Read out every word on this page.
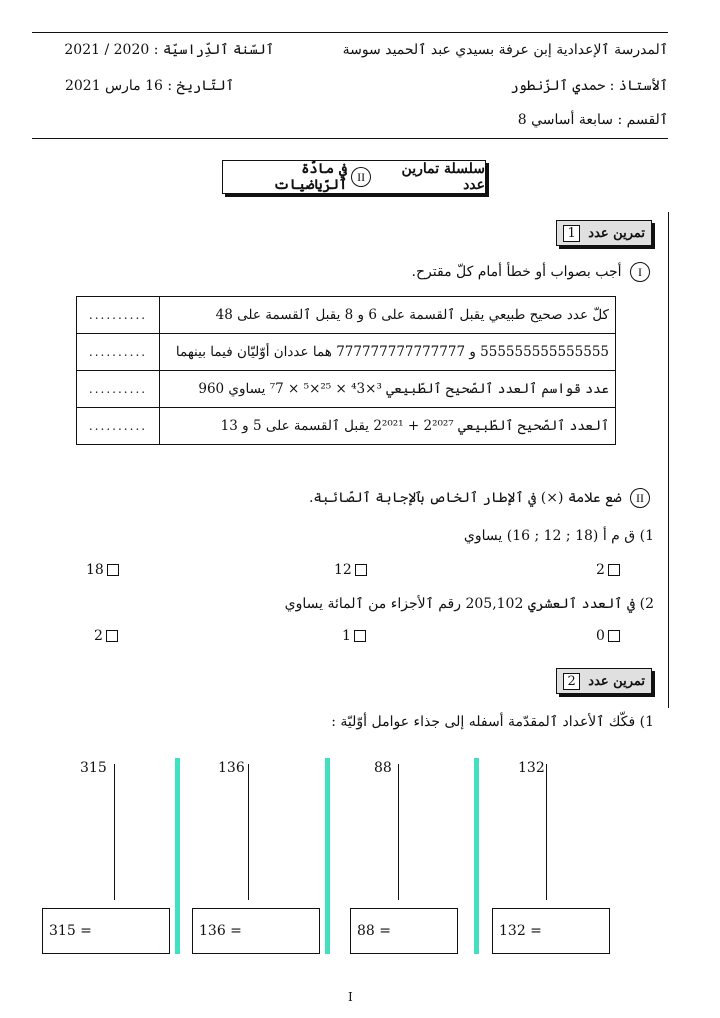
ٱلمدرسة ٱلإعدادية إبن عرفة بسيدي عبد ٱلحميد سوسة
ٱلسّنة ٱلدِّراسيّة : 2020 / 2021
ٱلأستاذ : حمدي ٱلزّنطور
ٱلتّاريخ : 16 مارس 2021
ٱلقسم : سابعة أساسي 8
سلسلة تمارين عدد
II
في مادّة ٱلرّياضيات
تمرين عدد

1
I أجب بصواب أو خطأ أمام كلّ مقترح.
..........	كلّ عدد صحيح طبيعي يقبل ٱلقسمة على 6 و 8 يقبل ٱلقسمة على 48
..........	555555555555555 و 777777777777777 هما عددان أوّليّان فيما بينهما
..........	عدد قواسم ٱلعدد ٱلصّحيح ٱلطّبيعي ³×⁴3 × ²⁵×⁵ × ⁷7 يساوي 960
..........	ٱلعدد ٱلصّحيح ٱلطّبيعي 2²⁰²⁷ + 2²⁰²¹ يقبل ٱلقسمة على 5 و 13
II ضع علامة (×) في ٱلإطار ٱلخاص بٱلإجابة ٱلصّائبة.
1) ق م أ (18 ; 12 ; 16) يساوي
2
12
18
2) في ٱلعدد ٱلعشري 205,102 رقم ٱلأجزاء من ٱلمائة يساوي
0
1
2
تمرين عدد

2
1) فكّك ٱلأعداد ٱلمقدّمة أسفله إلى جذاء عوامل أوّليّة :
132
132 =
88
88 =
136
136 =
315
315 =
I
